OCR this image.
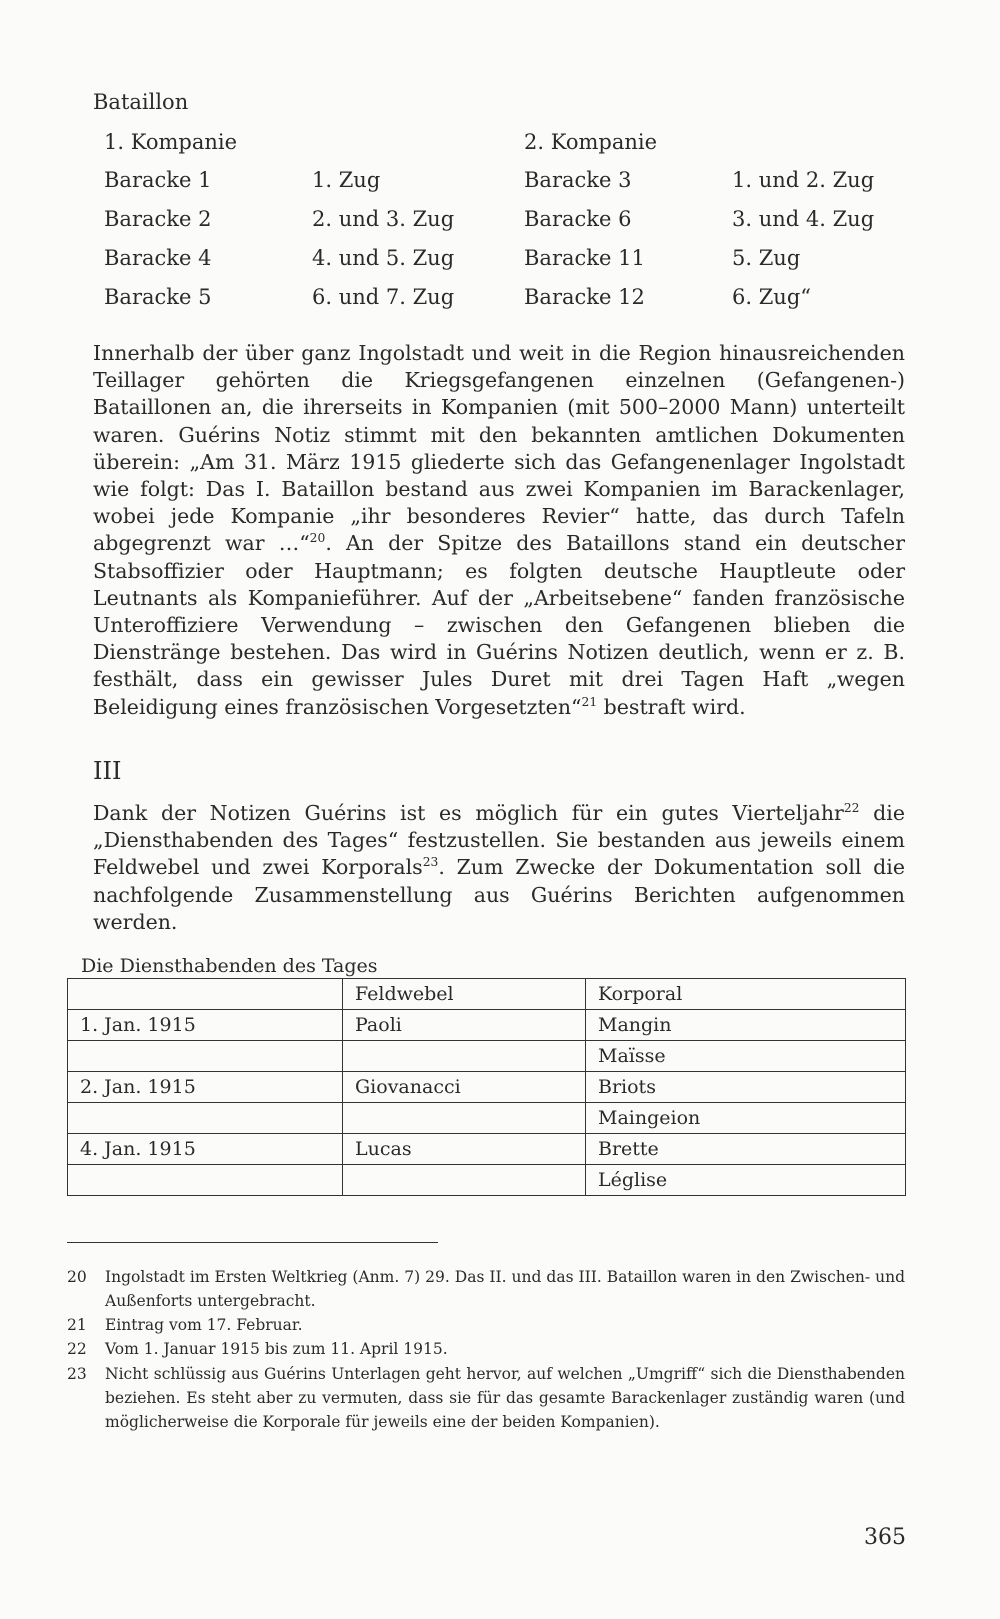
Bataillon
1. Kompanie	2. Kompanie
Baracke 1	1. Zug	Baracke 3	1. und 2. Zug
Baracke 2	2. und 3. Zug	Baracke 6	3. und 4. Zug
Baracke 4	4. und 5. Zug	Baracke 11	5. Zug
Baracke 5	6. und 7. Zug	Baracke 12	6. Zug“

Innerhalb der über ganz Ingolstadt und weit in die Region hinausreichenden Teillager gehörten die Kriegsgefangenen einzelnen (Gefangenen-) Bataillonen an, die ihrerseits in Kompanien (mit 500–2000 Mann) unterteilt waren. Guérins Notiz stimmt mit den bekannten amtlichen Dokumenten überein: „Am 31. März 1915 gliederte sich das Gefangenenlager Ingolstadt wie folgt: Das I. Bataillon bestand aus zwei Kompanien im Barackenlager, wobei jede Kompanie „ihr besonderes Revier“ hatte, das durch Tafeln abgegrenzt war …“$^{20}$. An der Spitze des Bataillons stand ein deutscher Stabsoffizier oder Hauptmann; es folgten deutsche Hauptleute oder Leutnants als Kompanieführer. Auf der „Arbeitsebene“ fanden französische Unteroffiziere Verwendung – zwischen den Gefangenen blieben die Dienstränge bestehen. Das wird in Guérins Notizen deutlich, wenn er z. B. festhält, dass ein gewisser Jules Duret mit drei Tagen Haft „wegen Beleidigung eines französischen Vorgesetzten“$^{21}$ bestraft wird.

III

Dank der Notizen Guérins ist es möglich für ein gutes Vierteljahr$^{22}$ die „Diensthabenden des Tages“ festzustellen. Sie bestanden aus jeweils einem Feldwebel und zwei Korporals$^{23}$. Zum Zwecke der Dokumentation soll die nachfolgende Zusammenstellung aus Guérins Berichten aufgenommen werden.

Die Diensthabenden des Tages
	Feldwebel	Korporal
1. Jan. 1915	Paoli	Mangin
		Maïsse
2. Jan. 1915	Giovanacci	Briots
		Maingeion
4. Jan. 1915	Lucas	Brette
		Léglise
20	Ingolstadt im Ersten Weltkrieg (Anm. 7) 29. Das II. und das III. Bataillon waren in den Zwischen- und Außenforts untergebracht.
21	Eintrag vom 17. Februar.
22	Vom 1. Januar 1915 bis zum 11. April 1915.
23	Nicht schlüssig aus Guérins Unterlagen geht hervor, auf welchen „Umgriff“ sich die Diensthabenden beziehen. Es steht aber zu vermuten, dass sie für das gesamte Barackenlager zuständig waren (und möglicherweise die Korporale für jeweils eine der beiden Kompanien).
365
